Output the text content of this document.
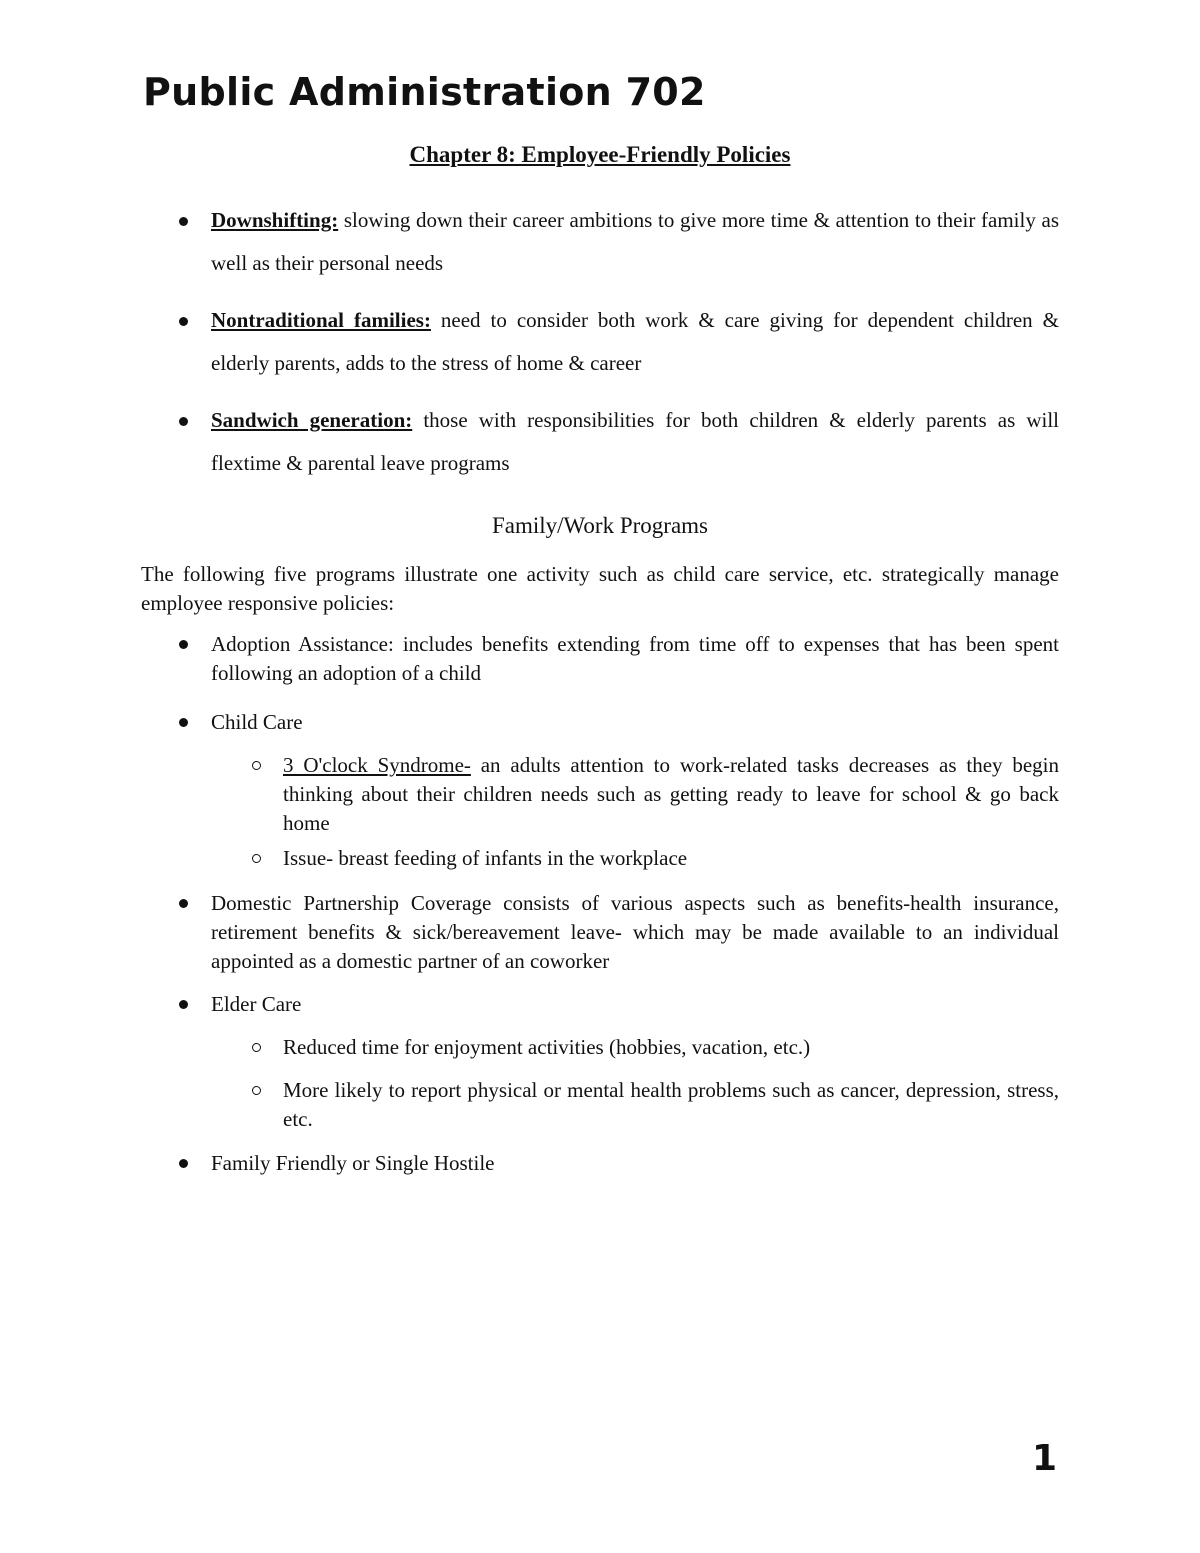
Public Administration 702
Chapter 8: Employee-Friendly Policies
Downshifting: slowing down their career ambitions to give more time & attention to their family as well as their personal needs
Nontraditional families: need to consider both work & care giving for dependent children & elderly parents, adds to the stress of home & career
Sandwich generation: those with responsibilities for both children & elderly parents as will flextime & parental leave programs
Family/Work Programs

The following five programs illustrate one activity such as child care service, etc. strategically manage employee responsive policies:

Adoption Assistance: includes benefits extending from time off to expenses that has been spent following an adoption of a child
Child Care
3 O'clock Syndrome- an adults attention to work-related tasks decreases as they begin thinking about their children needs such as getting ready to leave for school & go back home
Issue- breast feeding of infants in the workplace
Domestic Partnership Coverage consists of various aspects such as benefits-health insurance, retirement benefits & sick/bereavement leave- which may be made available to an individual appointed as a domestic partner of an coworker
Elder Care
Reduced time for enjoyment activities (hobbies, vacation, etc.)
More likely to report physical or mental health problems such as cancer, depression, stress, etc.
Family Friendly or Single Hostile

1
